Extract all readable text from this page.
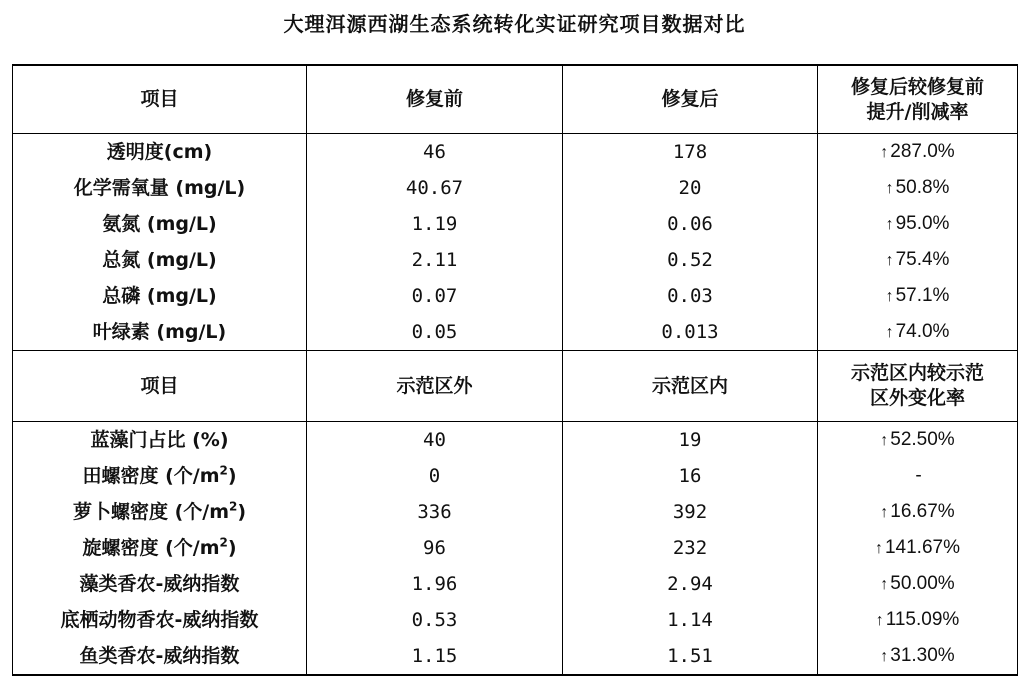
大理洱源西湖生态系统转化实证研究项目数据对比
项目	修复前	修复后	修复后较修复前
提升/削减率

透明度(cm)	46	178	↑ 287.0%
化学需氧量 (mg/L)	40.67	20	↑ 50.8%
氨氮 (mg/L)	1.19	0.06	↑ 95.0%
总氮 (mg/L)	2.11	0.52	↑ 75.4%
总磷 (mg/L)	0.07	0.03	↑ 57.1%
叶绿素 (mg/L)	0.05	0.013	↑ 74.0%
项目	示范区外	示范区内	示范区内较示范
区外变化率

蓝藻门占比 (%)	40	19	↑ 52.50%
田螺密度 (个$/m^2$)	0	16	-
萝卜螺密度 (个$/m^2$)	336	392	↑ 16.67%
旋螺密度 (个$/m^2$)	96	232	↑ 141.67%
藻类香农-威纳指数	1.96	2.94	↑ 50.00%
底栖动物香农-威纳指数	0.53	1.14	↑ 115.09%
鱼类香农-威纳指数	1.15	1.51	↑ 31.30%
